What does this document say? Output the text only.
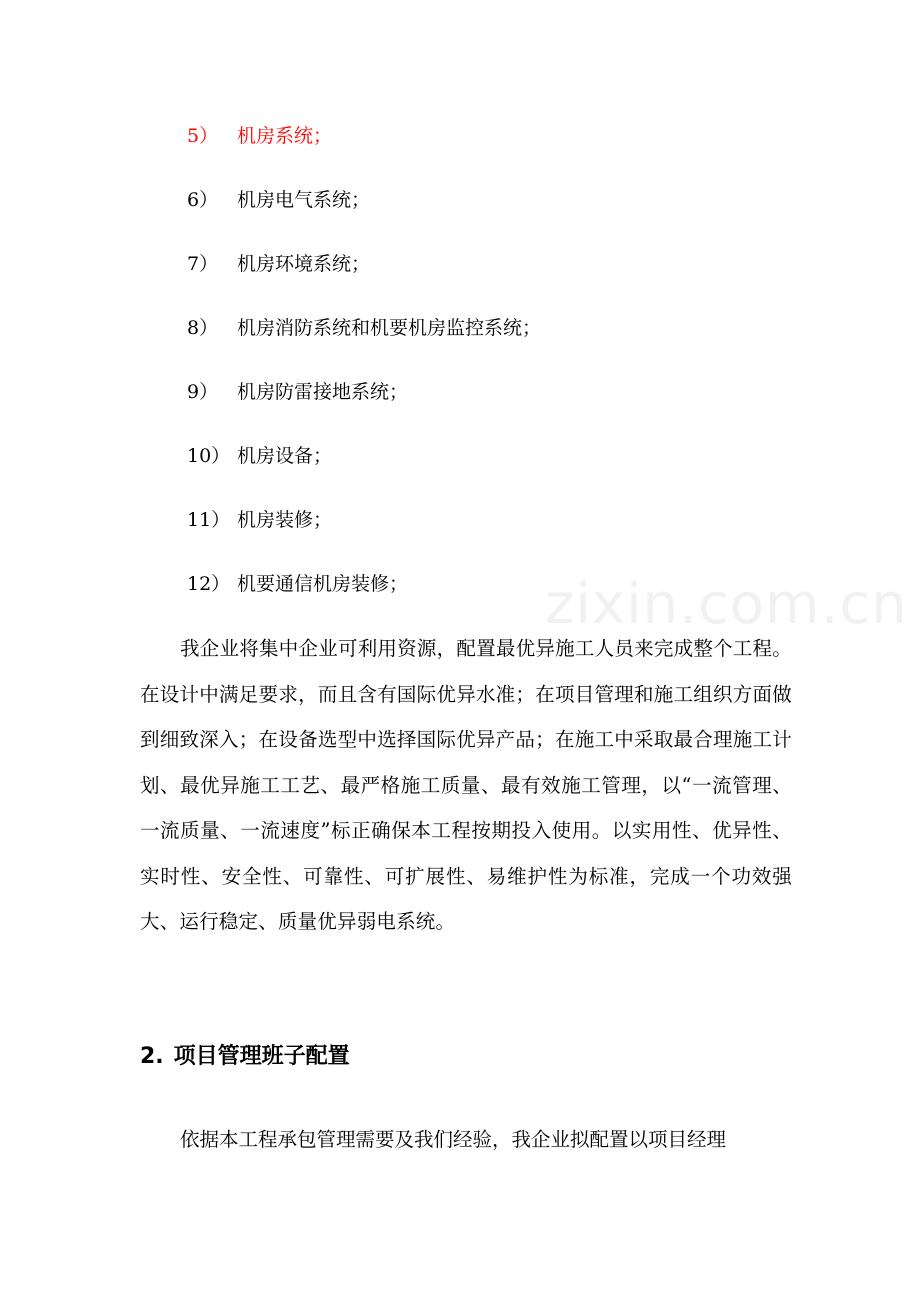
5） 机房系统；
6） 机房电气系统；
7） 机房环境系统；
8） 机房消防系统和机要机房监控系统；
9） 机房防雷接地系统；
10） 机房设备；
11） 机房装修；
12） 机要通信机房装修；	zixin.com.cn

我企业将集中企业可利用资源，配置最优异施工人员来完成整个工程。在设计中满足要求，而且含有国际优异水准；在项目管理和施工组织方面做到细致深入；在设备选型中选择国际优异产品；在施工中采取最合理施工计划、最优异施工工艺、最严格施工质量、最有效施工管理，以“一流管理、一流质量、一流速度”标正确保本工程按期投入使用。以实用性、优异性、实时性、安全性、可靠性、可扩展性、易维护性为标准，完成一个功效强大、运行稳定、质量优异弱电系统。

2. 项目管理班子配置

依据本工程承包管理需要及我们经验，我企业拟配置以项目经理
